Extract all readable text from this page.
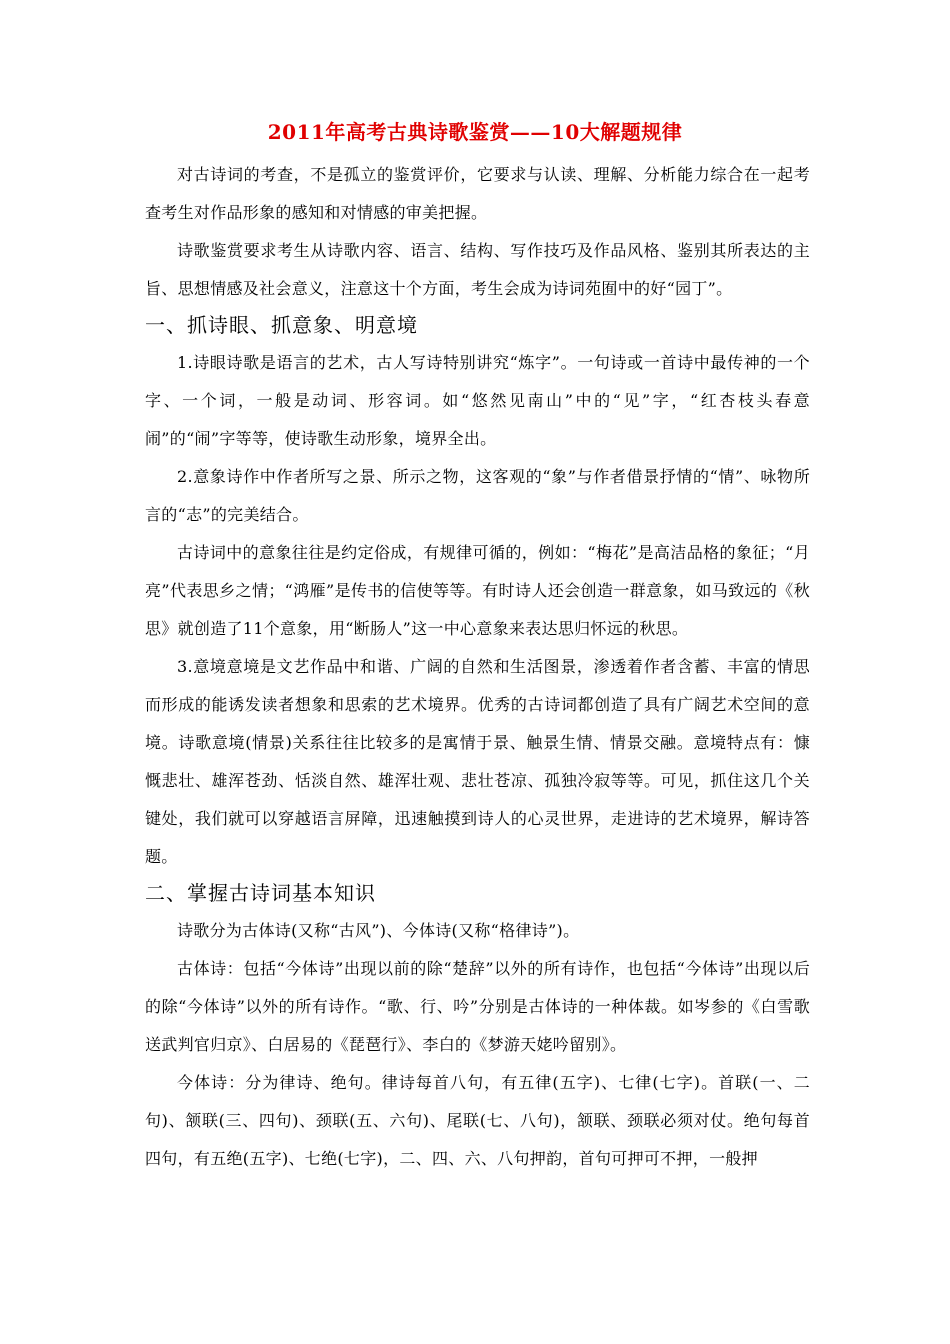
2011年高考古典诗歌鉴赏——10大解题规律

对古诗词的考查，不是孤立的鉴赏评价，它要求与认读、理解、分析能力综合在一起考查考生对作品形象的感知和对情感的审美把握。

诗歌鉴赏要求考生从诗歌内容、语言、结构、写作技巧及作品风格、鉴别其所表达的主旨、思想情感及社会意义，注意这十个方面，考生会成为诗词苑囿中的好“园丁”。

一、抓诗眼、抓意象、明意境

1.诗眼诗歌是语言的艺术，古人写诗特别讲究“炼字”。一句诗或一首诗中最传神的一个字、一个词，一般是动词、形容词。如“悠然见南山”中的“见”字，“红杏枝头春意闹”的“闹”字等等，使诗歌生动形象，境界全出。

2.意象诗作中作者所写之景、所示之物，这客观的“象”与作者借景抒情的“情”、咏物所言的“志”的完美结合。

古诗词中的意象往往是约定俗成，有规律可循的，例如：“梅花”是高洁品格的象征；“月亮”代表思乡之情；“鸿雁”是传书的信使等等。有时诗人还会创造一群意象，如马致远的《秋思》就创造了11个意象，用“断肠人”这一中心意象来表达思归怀远的秋思。

3.意境意境是文艺作品中和谐、广阔的自然和生活图景，渗透着作者含蓄、丰富的情思而形成的能诱发读者想象和思索的艺术境界。优秀的古诗词都创造了具有广阔艺术空间的意境。诗歌意境(情景)关系往往比较多的是寓情于景、触景生情、情景交融。意境特点有：慷慨悲壮、雄浑苍劲、恬淡自然、雄浑壮观、悲壮苍凉、孤独冷寂等等。可见，抓住这几个关键处，我们就可以穿越语言屏障，迅速触摸到诗人的心灵世界，走进诗的艺术境界，解诗答题。

二、掌握古诗词基本知识

诗歌分为古体诗(又称“古风”)、今体诗(又称“格律诗”)。

古体诗：包括“今体诗”出现以前的除“楚辞”以外的所有诗作，也包括“今体诗”出现以后的除“今体诗”以外的所有诗作。“歌、行、吟”分别是古体诗的一种体裁。如岑参的《白雪歌送武判官归京》、白居易的《琵琶行》、李白的《梦游天姥吟留别》。

今体诗：分为律诗、绝句。律诗每首八句，有五律(五字)、七律(七字)。首联(一、二句)、颔联(三、四句)、颈联(五、六句)、尾联(七、八句)，颔联、颈联必须对仗。绝句每首四句，有五绝(五字)、七绝(七字)，二、四、六、八句押韵，首句可押可不押，一般押
